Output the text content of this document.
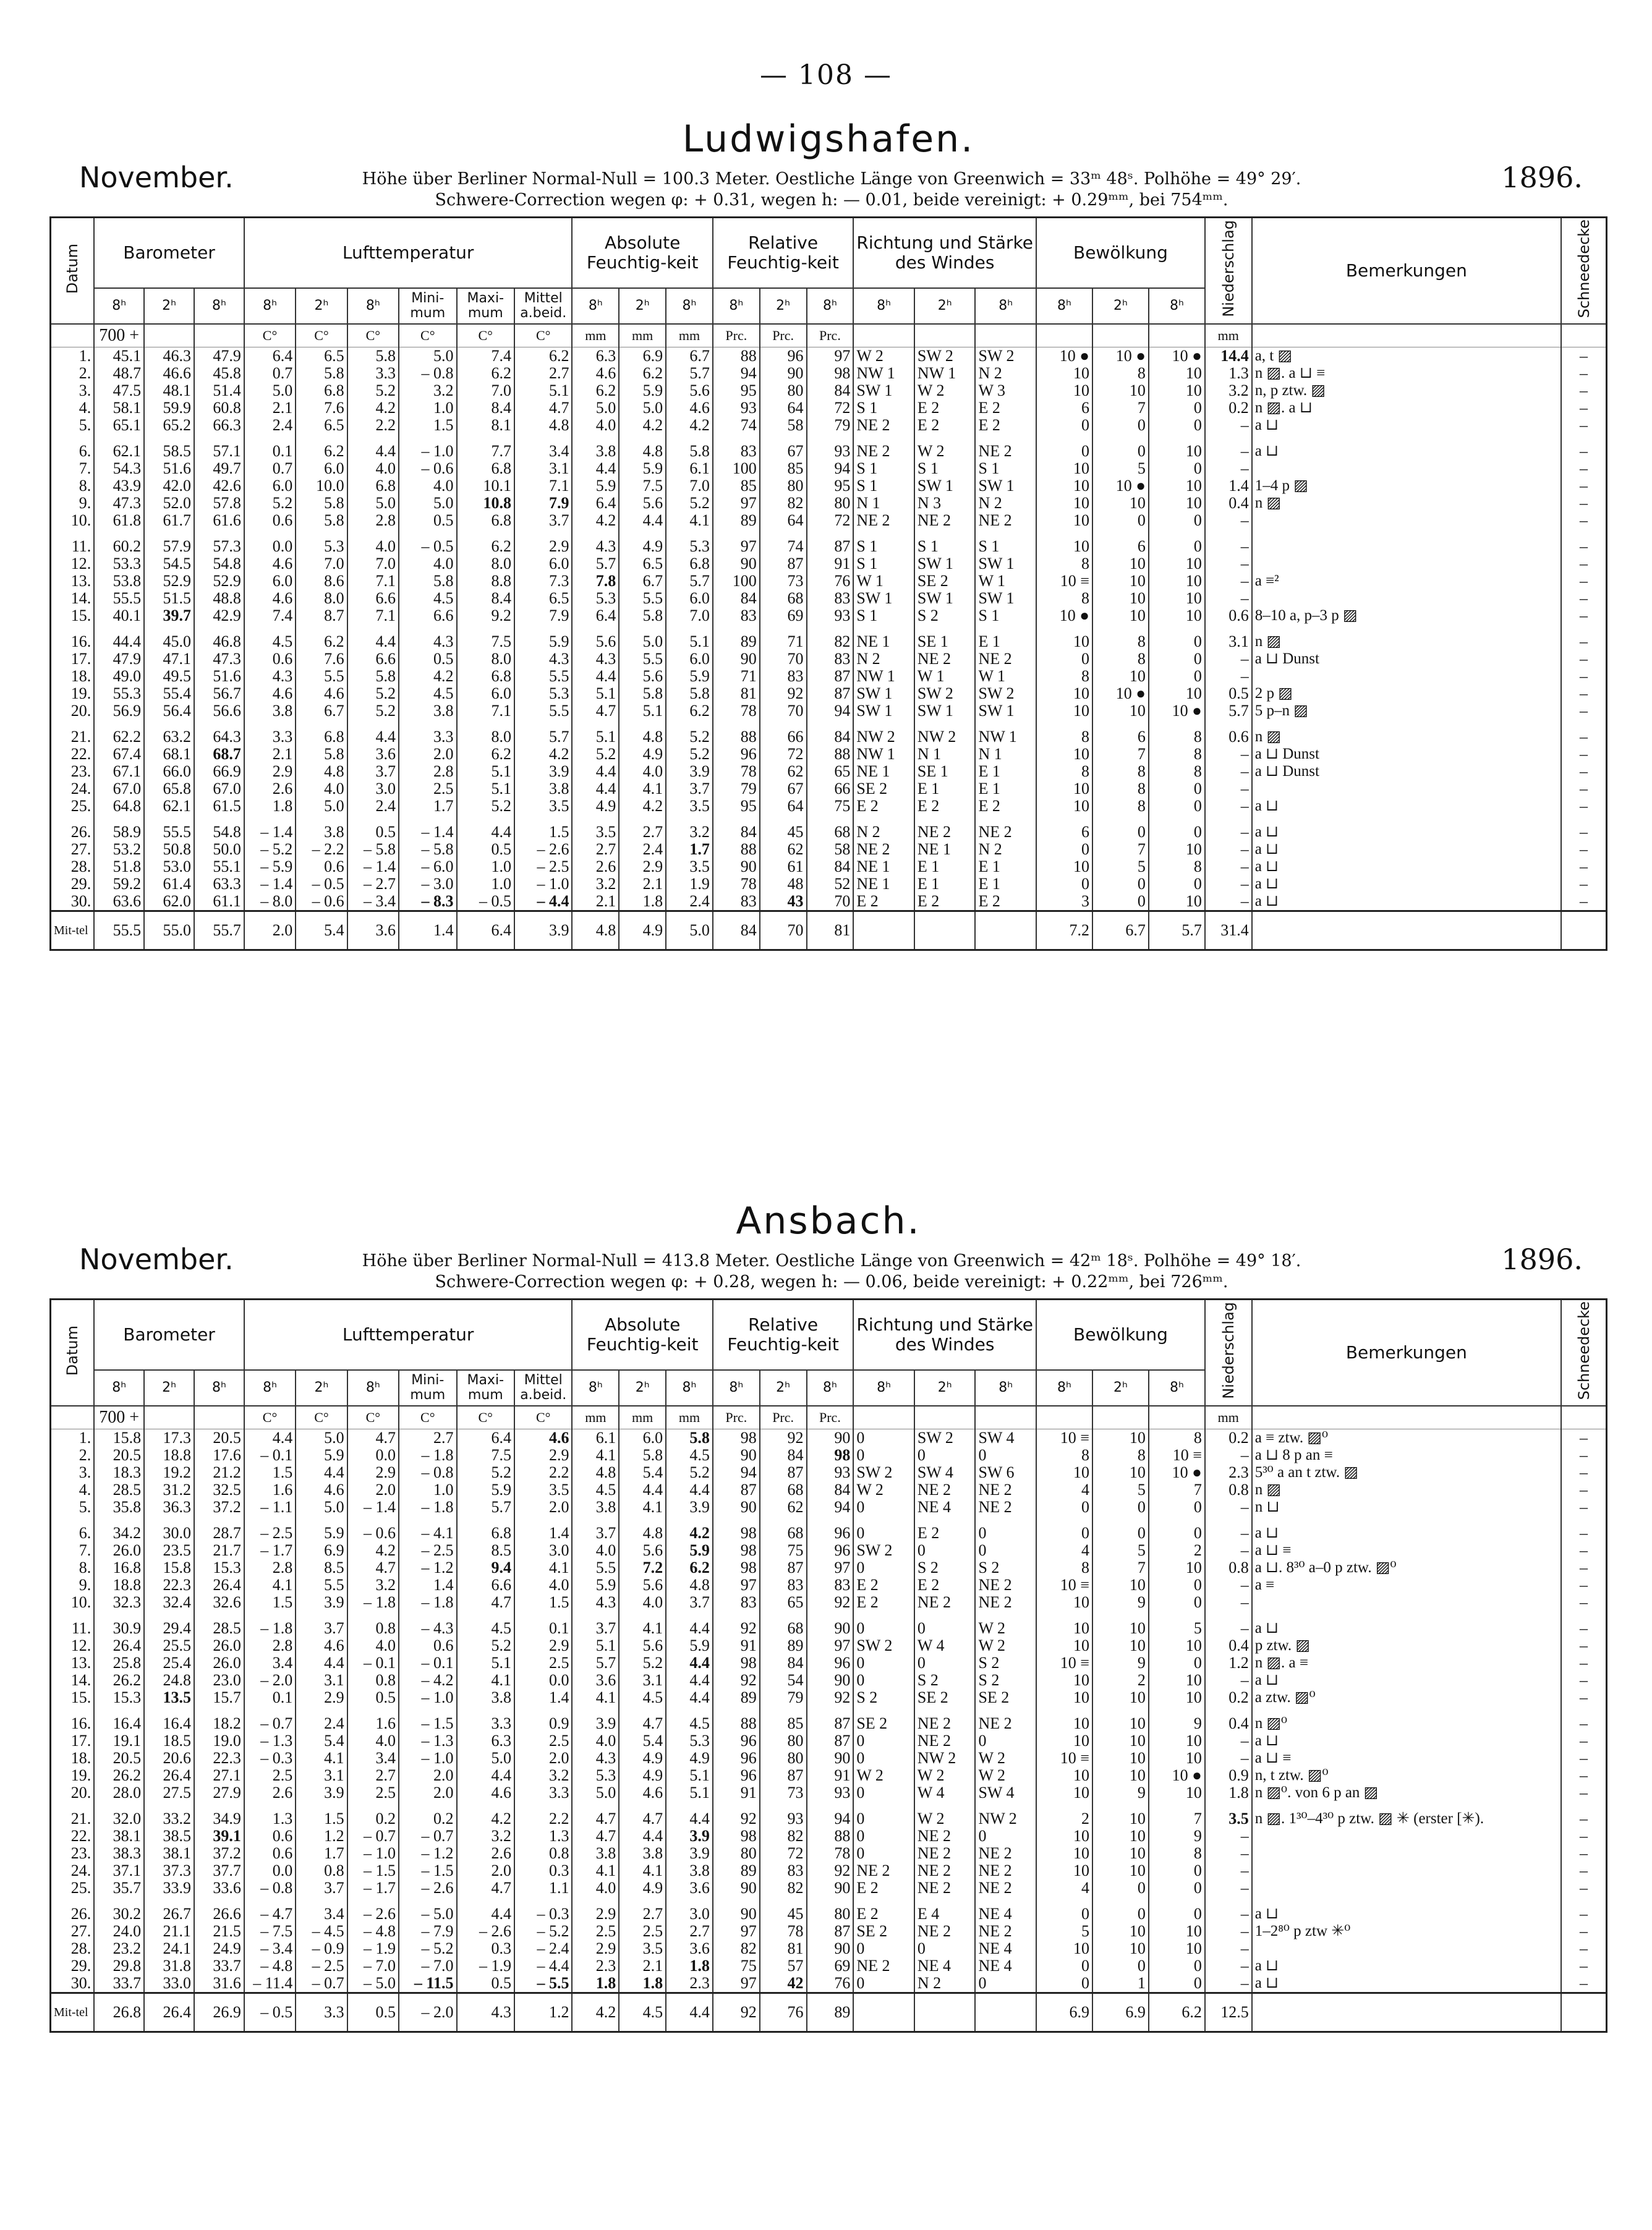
— 108 —
Ludwigshafen.
November.	1896.
Höhe über Berliner Normal-Null = 100.3 Meter. Oestliche Länge von Greenwich = 33ᵐ 48ˢ. Polhöhe = 49° 29′.
Schwere-Correction wegen φ: + 0.31, wegen h: — 0.01, beide vereinigt: + 0.29ᵐᵐ, bei 754ᵐᵐ.
Datum	Barometer			Lufttemperatur						Absolute Feuchtig-keit			Relative Feuchtig-keit			Richtung und Stärke des Windes			Bewölkung			Niederschlag	Bemerkungen	Schneedecke
	8ʰ	2ʰ	8ʰ	8ʰ	2ʰ	8ʰ	Mini-mum	Maxi-mum	Mittel a.beid.	8ʰ	2ʰ	8ʰ	8ʰ	2ʰ	8ʰ	8ʰ	2ʰ	8ʰ	8ʰ	2ʰ	8ʰ			
	700 +			C°	C°	C°	C°	C°	C°	mm	mm	mm	Prc.	Prc.	Prc.							mm		
1.	45.1	46.3	47.9	6.4	6.5	5.8	5.0	7.4	6.2	6.3	6.9	6.7	88	96	97	W 2	SW 2	SW 2	10 ●	10 ●	10 ●	14.4	a, t ▨	–
2.	48.7	46.6	45.8	0.7	5.8	3.3	– 0.8	6.2	2.7	4.6	6.2	5.7	94	90	98	NW 1	NW 1	N 2	10	8	10	1.3	n ▨. a ⊔ ≡	–
3.	47.5	48.1	51.4	5.0	6.8	5.2	3.2	7.0	5.1	6.2	5.9	5.6	95	80	84	SW 1	W 2	W 3	10	10	10	3.2	n, p ztw. ▨	–
4.	58.1	59.9	60.8	2.1	7.6	4.2	1.0	8.4	4.7	5.0	5.0	4.6	93	64	72	S 1	E 2	E 2	6	7	0	0.2	n ▨. a ⊔	–
5.	65.1	65.2	66.3	2.4	6.5	2.2	1.5	8.1	4.8	4.0	4.2	4.2	74	58	79	NE 2	E 2	E 2	0	0	0	–	a ⊔	–
6.	62.1	58.5	57.1	0.1	6.2	4.4	– 1.0	7.7	3.4	3.8	4.8	5.8	83	67	93	NE 2	W 2	NE 2	0	0	10	–	a ⊔	–
7.	54.3	51.6	49.7	0.7	6.0	4.0	– 0.6	6.8	3.1	4.4	5.9	6.1	100	85	94	S 1	S 1	S 1	10	5	0	–		–
8.	43.9	42.0	42.6	6.0	10.0	6.8	4.0	10.1	7.1	5.9	7.5	7.0	85	80	95	S 1	SW 1	SW 1	10	10 ●	10	1.4	1–4 p ▨	–
9.	47.3	52.0	57.8	5.2	5.8	5.0	5.0	10.8	7.9	6.4	5.6	5.2	97	82	80	N 1	N 3	N 2	10	10	10	0.4	n ▨	–
10.	61.8	61.7	61.6	0.6	5.8	2.8	0.5	6.8	3.7	4.2	4.4	4.1	89	64	72	NE 2	NE 2	NE 2	10	0	0	–		–
11.	60.2	57.9	57.3	0.0	5.3	4.0	– 0.5	6.2	2.9	4.3	4.9	5.3	97	74	87	S 1	S 1	S 1	10	6	0	–		–
12.	53.3	54.5	54.8	4.6	7.0	7.0	4.0	8.0	6.0	5.7	6.5	6.8	90	87	91	S 1	SW 1	SW 1	8	10	10	–		–
13.	53.8	52.9	52.9	6.0	8.6	7.1	5.8	8.8	7.3	7.8	6.7	5.7	100	73	76	W 1	SE 2	W 1	10 ≡	10	10	–	a ≡²	–
14.	55.5	51.5	48.8	4.6	8.0	6.6	4.5	8.4	6.5	5.3	5.5	6.0	84	68	83	SW 1	SW 1	SW 1	8	10	10	–		–
15.	40.1	39.7	42.9	7.4	8.7	7.1	6.6	9.2	7.9	6.4	5.8	7.0	83	69	93	S 1	S 2	S 1	10 ●	10	10	0.6	8–10 a, p–3 p ▨	–
16.	44.4	45.0	46.8	4.5	6.2	4.4	4.3	7.5	5.9	5.6	5.0	5.1	89	71	82	NE 1	SE 1	E 1	10	8	0	3.1	n ▨	–
17.	47.9	47.1	47.3	0.6	7.6	6.6	0.5	8.0	4.3	4.3	5.5	6.0	90	70	83	N 2	NE 2	NE 2	0	8	0	–	a ⊔ Dunst	–
18.	49.0	49.5	51.6	4.3	5.5	5.8	4.2	6.8	5.5	4.4	5.6	5.9	71	83	87	NW 1	W 1	W 1	8	10	0	–		–
19.	55.3	55.4	56.7	4.6	4.6	5.2	4.5	6.0	5.3	5.1	5.8	5.8	81	92	87	SW 1	SW 2	SW 2	10	10 ●	10	0.5	2 p ▨	–
20.	56.9	56.4	56.6	3.8	6.7	5.2	3.8	7.1	5.5	4.7	5.1	6.2	78	70	94	SW 1	SW 1	SW 1	10	10	10 ●	5.7	5 p–n ▨	–
21.	62.2	63.2	64.3	3.3	6.8	4.4	3.3	8.0	5.7	5.1	4.8	5.2	88	66	84	NW 2	NW 2	NW 1	8	6	8	0.6	n ▨	–
22.	67.4	68.1	68.7	2.1	5.8	3.6	2.0	6.2	4.2	5.2	4.9	5.2	96	72	88	NW 1	N 1	N 1	10	7	8	–	a ⊔ Dunst	–
23.	67.1	66.0	66.9	2.9	4.8	3.7	2.8	5.1	3.9	4.4	4.0	3.9	78	62	65	NE 1	SE 1	E 1	8	8	8	–	a ⊔ Dunst	–
24.	67.0	65.8	67.0	2.6	4.0	3.0	2.5	5.1	3.8	4.4	4.1	3.7	79	67	66	SE 2	E 1	E 1	10	8	0	–		–
25.	64.8	62.1	61.5	1.8	5.0	2.4	1.7	5.2	3.5	4.9	4.2	3.5	95	64	75	E 2	E 2	E 2	10	8	0	–	a ⊔	–
26.	58.9	55.5	54.8	– 1.4	3.8	0.5	– 1.4	4.4	1.5	3.5	2.7	3.2	84	45	68	N 2	NE 2	NE 2	6	0	0	–	a ⊔	–
27.	53.2	50.8	50.0	– 5.2	– 2.2	– 5.8	– 5.8	0.5	– 2.6	2.7	2.4	1.7	88	62	58	NE 2	NE 1	N 2	0	7	10	–	a ⊔	–
28.	51.8	53.0	55.1	– 5.9	0.6	– 1.4	– 6.0	1.0	– 2.5	2.6	2.9	3.5	90	61	84	NE 1	E 1	E 1	10	5	8	–	a ⊔	–
29.	59.2	61.4	63.3	– 1.4	– 0.5	– 2.7	– 3.0	1.0	– 1.0	3.2	2.1	1.9	78	48	52	NE 1	E 1	E 1	0	0	0	–	a ⊔	–
30.	63.6	62.0	61.1	– 8.0	– 0.6	– 3.4	– 8.3	– 0.5	– 4.4	2.1	1.8	2.4	83	43	70	E 2	E 2	E 2	3	0	10	–	a ⊔	–
Mit-tel	55.5	55.0	55.7	2.0	5.4	3.6	1.4	6.4	3.9	4.8	4.9	5.0	84	70	81				7.2	6.7	5.7	31.4		
Ansbach.
November.	1896.
Höhe über Berliner Normal-Null = 413.8 Meter. Oestliche Länge von Greenwich = 42ᵐ 18ˢ. Polhöhe = 49° 18′.
Schwere-Correction wegen φ: + 0.28, wegen h: — 0.06, beide vereinigt: + 0.22ᵐᵐ, bei 726ᵐᵐ.
Datum	Barometer			Lufttemperatur						Absolute Feuchtig-keit			Relative Feuchtig-keit			Richtung und Stärke des Windes			Bewölkung			Niederschlag	Bemerkungen	Schneedecke
	8ʰ	2ʰ	8ʰ	8ʰ	2ʰ	8ʰ	Mini-mum	Maxi-mum	Mittel a.beid.	8ʰ	2ʰ	8ʰ	8ʰ	2ʰ	8ʰ	8ʰ	2ʰ	8ʰ	8ʰ	2ʰ	8ʰ			
	700 +			C°	C°	C°	C°	C°	C°	mm	mm	mm	Prc.	Prc.	Prc.							mm		
1.	15.8	17.3	20.5	4.4	5.0	4.7	2.7	6.4	4.6	6.1	6.0	5.8	98	92	90	0	SW 2	SW 4	10 ≡	10	8	0.2	a ≡ ztw. ▨⁰	–
2.	20.5	18.8	17.6	– 0.1	5.9	0.0	– 1.8	7.5	2.9	4.1	5.8	4.5	90	84	98	0	0	0	8	8	10 ≡	–	a ⊔ 8 p an ≡	–
3.	18.3	19.2	21.2	1.5	4.4	2.9	– 0.8	5.2	2.2	4.8	5.4	5.2	94	87	93	SW 2	SW 4	SW 6	10	10	10 ●	2.3	5³⁰ a an t ztw. ▨	–
4.	28.5	31.2	32.5	1.6	4.6	2.0	1.0	5.9	3.5	4.5	4.4	4.4	87	68	84	W 2	NE 2	NE 2	4	5	7	0.8	n ▨	–
5.	35.8	36.3	37.2	– 1.1	5.0	– 1.4	– 1.8	5.7	2.0	3.8	4.1	3.9	90	62	94	0	NE 4	NE 2	0	0	0	–	n ⊔	–
6.	34.2	30.0	28.7	– 2.5	5.9	– 0.6	– 4.1	6.8	1.4	3.7	4.8	4.2	98	68	96	0	E 2	0	0	0	0	–	a ⊔	–
7.	26.0	23.5	21.7	– 1.7	6.9	4.2	– 2.5	8.5	3.0	4.0	5.6	5.9	98	75	96	SW 2	0	0	4	5	2	–	a ⊔ ≡	–
8.	16.8	15.8	15.3	2.8	8.5	4.7	– 1.2	9.4	4.1	5.5	7.2	6.2	98	87	97	0	S 2	S 2	8	7	10	0.8	a ⊔. 8³⁰ a–0 p ztw. ▨⁰	–
9.	18.8	22.3	26.4	4.1	5.5	3.2	1.4	6.6	4.0	5.9	5.6	4.8	97	83	83	E 2	E 2	NE 2	10 ≡	10	0	–	a ≡	–
10.	32.3	32.4	32.6	1.5	3.9	– 1.8	– 1.8	4.7	1.5	4.3	4.0	3.7	83	65	92	E 2	NE 2	NE 2	10	9	0	–		–
11.	30.9	29.4	28.5	– 1.8	3.7	0.8	– 4.3	4.5	0.1	3.7	4.1	4.4	92	68	90	0	0	W 2	10	10	5	–	a ⊔	–
12.	26.4	25.5	26.0	2.8	4.6	4.0	0.6	5.2	2.9	5.1	5.6	5.9	91	89	97	SW 2	W 4	W 2	10	10	10	0.4	p ztw. ▨	–
13.	25.8	25.4	26.0	3.4	4.4	– 0.1	– 0.1	5.1	2.5	5.7	5.2	4.4	98	84	96	0	0	S 2	10 ≡	9	0	1.2	n ▨. a ≡	–
14.	26.2	24.8	23.0	– 2.0	3.1	0.8	– 4.2	4.1	0.0	3.6	3.1	4.4	92	54	90	0	S 2	S 2	10	2	10	–	a ⊔	–
15.	15.3	13.5	15.7	0.1	2.9	0.5	– 1.0	3.8	1.4	4.1	4.5	4.4	89	79	92	S 2	SE 2	SE 2	10	10	10	0.2	a ztw. ▨⁰	–
16.	16.4	16.4	18.2	– 0.7	2.4	1.6	– 1.5	3.3	0.9	3.9	4.7	4.5	88	85	87	SE 2	NE 2	NE 2	10	10	9	0.4	n ▨⁰	–
17.	19.1	18.5	19.0	– 1.3	5.4	4.0	– 1.3	6.3	2.5	4.0	5.4	5.3	96	80	87	0	NE 2	0	10	10	10	–	a ⊔	–
18.	20.5	20.6	22.3	– 0.3	4.1	3.4	– 1.0	5.0	2.0	4.3	4.9	4.9	96	80	90	0	NW 2	W 2	10 ≡	10	10	–	a ⊔ ≡	–
19.	26.2	26.4	27.1	2.5	3.1	2.7	2.0	4.4	3.2	5.3	4.9	5.1	96	87	91	W 2	W 2	W 2	10	10	10 ●	0.9	n, t ztw. ▨⁰	–
20.	28.0	27.5	27.9	2.6	3.9	2.5	2.0	4.6	3.3	5.0	4.6	5.1	91	73	93	0	W 4	SW 4	10	9	10	1.8	n ▨⁰. von 6 p an ▨	–
21.	32.0	33.2	34.9	1.3	1.5	0.2	0.2	4.2	2.2	4.7	4.7	4.4	92	93	94	0	W 2	NW 2	2	10	7	3.5	n ▨. 1³⁰–4³⁰ p ztw. ▨ ✳ (erster [✳).	–
22.	38.1	38.5	39.1	0.6	1.2	– 0.7	– 0.7	3.2	1.3	4.7	4.4	3.9	98	82	88	0	NE 2	0	10	10	9	–		–
23.	38.3	38.1	37.2	0.6	1.7	– 1.0	– 1.2	2.6	0.8	3.8	3.8	3.9	80	72	78	0	NE 2	NE 2	10	10	8	–		–
24.	37.1	37.3	37.7	0.0	0.8	– 1.5	– 1.5	2.0	0.3	4.1	4.1	3.8	89	83	92	NE 2	NE 2	NE 2	10	10	0	–		–
25.	35.7	33.9	33.6	– 0.8	3.7	– 1.7	– 2.6	4.7	1.1	4.0	4.9	3.6	90	82	90	E 2	NE 2	NE 2	4	0	0	–		–
26.	30.2	26.7	26.6	– 4.7	3.4	– 2.6	– 5.0	4.4	– 0.3	2.9	2.7	3.0	90	45	80	E 2	E 4	NE 4	0	0	0	–	a ⊔	–
27.	24.0	21.1	21.5	– 7.5	– 4.5	– 4.8	– 7.9	– 2.6	– 5.2	2.5	2.5	2.7	97	78	87	SE 2	NE 2	NE 2	5	10	10	–	1–2⁸⁰ p ztw ✳⁰	–
28.	23.2	24.1	24.9	– 3.4	– 0.9	– 1.9	– 5.2	0.3	– 2.4	2.9	3.5	3.6	82	81	90	0	0	NE 4	10	10	10	–		–
29.	29.8	31.8	33.7	– 4.8	– 2.5	– 7.0	– 7.0	– 1.9	– 4.4	2.3	2.1	1.8	75	57	69	NE 2	NE 4	NE 4	0	0	0	–	a ⊔	–
30.	33.7	33.0	31.6	– 11.4	– 0.7	– 5.0	– 11.5	0.5	– 5.5	1.8	1.8	2.3	97	42	76	0	N 2	0	0	1	0	–	a ⊔	–
Mit-tel	26.8	26.4	26.9	– 0.5	3.3	0.5	– 2.0	4.3	1.2	4.2	4.5	4.4	92	76	89				6.9	6.9	6.2	12.5		
